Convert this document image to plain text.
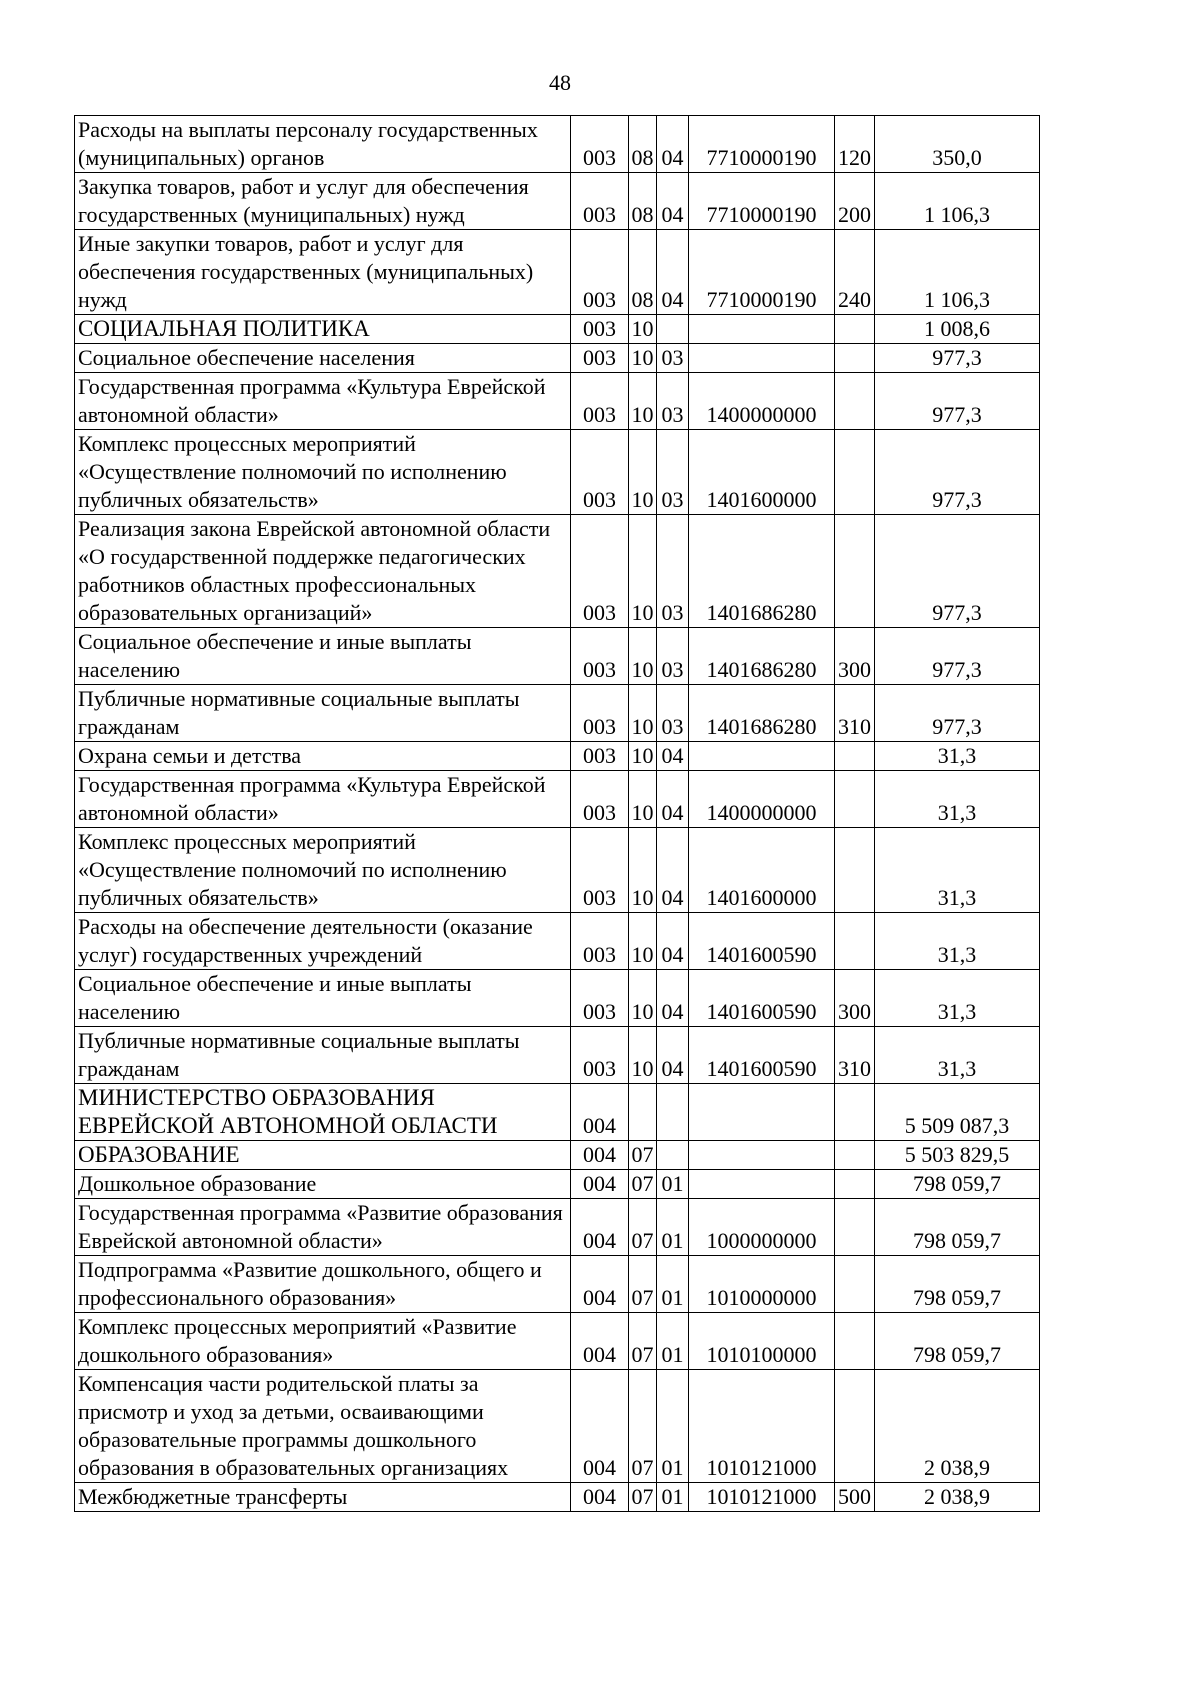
48
Расходы на выплаты персоналу государственных (муниципальных) органов	003	08	04	7710000190	120	350,0
Закупка товаров, работ и услуг для обеспечения государственных (муниципальных) нужд	003	08	04	7710000190	200	1 106,3
Иные закупки товаров, работ и услуг для обеспечения государственных (муниципальных) нужд	003	08	04	7710000190	240	1 106,3
СОЦИАЛЬНАЯ ПОЛИТИКА	003	10				1 008,6
Социальное обеспечение населения	003	10	03			977,3
Государственная программа «Культура Еврейской автономной области»	003	10	03	1400000000		977,3
Комплекс процессных мероприятий «Осуществление полномочий по исполнению публичных обязательств»	003	10	03	1401600000		977,3
Реализация закона Еврейской автономной области «О государственной поддержке педагогических работников областных профессиональных образовательных организаций»	003	10	03	1401686280		977,3
Социальное обеспечение и иные выплаты населению	003	10	03	1401686280	300	977,3
Публичные нормативные социальные выплаты гражданам	003	10	03	1401686280	310	977,3
Охрана семьи и детства	003	10	04			31,3
Государственная программа «Культура Еврейской автономной области»	003	10	04	1400000000		31,3
Комплекс процессных мероприятий «Осуществление полномочий по исполнению публичных обязательств»	003	10	04	1401600000		31,3
Расходы на обеспечение деятельности (оказание услуг) государственных учреждений	003	10	04	1401600590		31,3
Социальное обеспечение и иные выплаты населению	003	10	04	1401600590	300	31,3
Публичные нормативные социальные выплаты гражданам	003	10	04	1401600590	310	31,3
МИНИСТЕРСТВО ОБРАЗОВАНИЯ ЕВРЕЙСКОЙ АВТОНОМНОЙ ОБЛАСТИ	004					5 509 087,3
ОБРАЗОВАНИЕ	004	07				5 503 829,5
Дошкольное образование	004	07	01			798 059,7
Государственная программа «Развитие образования Еврейской автономной области»	004	07	01	1000000000		798 059,7
Подпрограмма «Развитие дошкольного, общего и профессионального образования»	004	07	01	1010000000		798 059,7
Комплекс процессных мероприятий «Развитие дошкольного образования»	004	07	01	1010100000		798 059,7
Компенсация части родительской платы за присмотр и уход за детьми, осваивающими образовательные программы дошкольного образования в образовательных организациях	004	07	01	1010121000		2 038,9
Межбюджетные трансферты	004	07	01	1010121000	500	2 038,9
